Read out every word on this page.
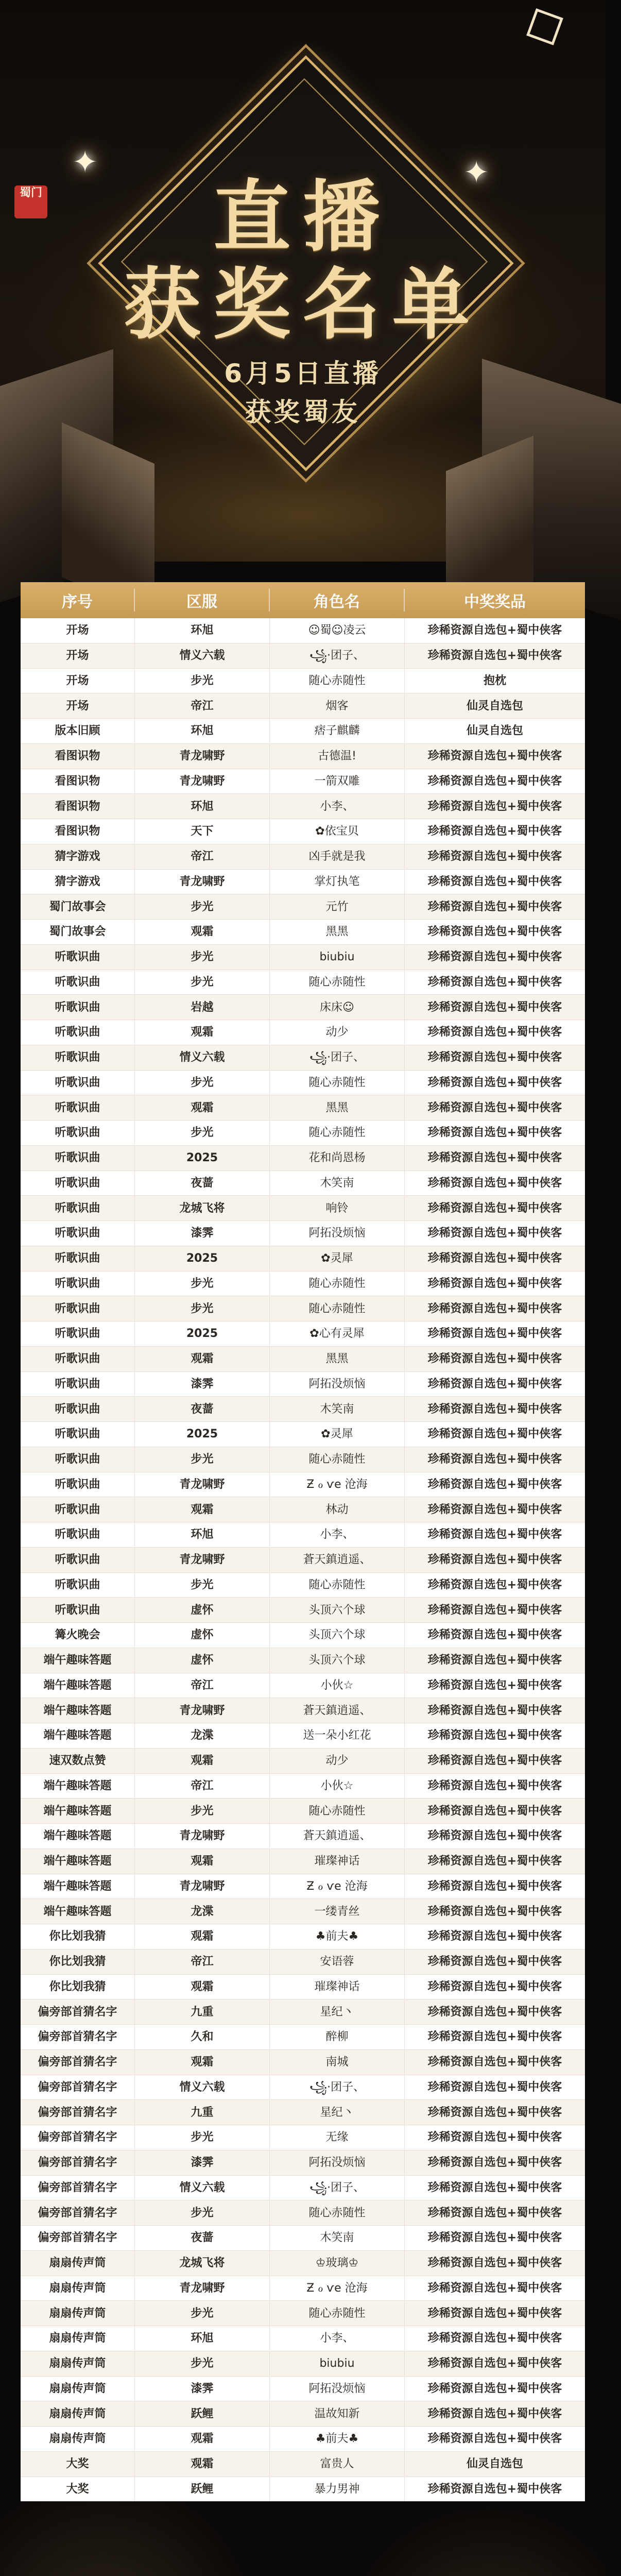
✦	✦
蜀门	直播
获奖名单
6月5日直播
获奖蜀友
序号	区服	角色名	中奖奖品
开场	环旭	☺蜀☺凌云	珍稀资源自选包+蜀中侠客
开场	情义六载	꧁·团子、	珍稀资源自选包+蜀中侠客
开场	步光	随心赤随性	抱枕
开场	帝江	烟客	仙灵自选包
版本旧顾	环旭	痞子麒麟	仙灵自选包
看图识物	青龙啸野	古德温!	珍稀资源自选包+蜀中侠客
看图识物	青龙啸野	一箭双雕	珍稀资源自选包+蜀中侠客
看图识物	环旭	小李、	珍稀资源自选包+蜀中侠客
看图识物	天下	✿依宝贝	珍稀资源自选包+蜀中侠客
猜字游戏	帝江	凶手就是我	珍稀资源自选包+蜀中侠客
猜字游戏	青龙啸野	掌灯执笔	珍稀资源自选包+蜀中侠客
蜀门故事会	步光	元竹	珍稀资源自选包+蜀中侠客
蜀门故事会	观霜	黑黑	珍稀资源自选包+蜀中侠客
听歌识曲	步光	biubiu	珍稀资源自选包+蜀中侠客
听歌识曲	步光	随心赤随性	珍稀资源自选包+蜀中侠客
听歌识曲	岩越	床床☺	珍稀资源自选包+蜀中侠客
听歌识曲	观霜	动少	珍稀资源自选包+蜀中侠客
听歌识曲	情义六载	꧁·团子、	珍稀资源自选包+蜀中侠客
听歌识曲	步光	随心赤随性	珍稀资源自选包+蜀中侠客
听歌识曲	观霜	黑黑	珍稀资源自选包+蜀中侠客
听歌识曲	步光	随心赤随性	珍稀资源自选包+蜀中侠客
听歌识曲	2025	花和尚恩杨	珍稀资源自选包+蜀中侠客
听歌识曲	夜蔷	木笑南	珍稀资源自选包+蜀中侠客
听歌识曲	龙城飞将	响铃	珍稀资源自选包+蜀中侠客
听歌识曲	漆霁	阿拓没烦恼	珍稀资源自选包+蜀中侠客
听歌识曲	2025	✿灵犀	珍稀资源自选包+蜀中侠客
听歌识曲	步光	随心赤随性	珍稀资源自选包+蜀中侠客
听歌识曲	步光	随心赤随性	珍稀资源自选包+蜀中侠客
听歌识曲	2025	✿心有灵犀	珍稀资源自选包+蜀中侠客
听歌识曲	观霜	黑黑	珍稀资源自选包+蜀中侠客
听歌识曲	漆霁	阿拓没烦恼	珍稀资源自选包+蜀中侠客
听歌识曲	夜蔷	木笑南	珍稀资源自选包+蜀中侠客
听歌识曲	2025	✿灵犀	珍稀资源自选包+蜀中侠客
听歌识曲	步光	随心赤随性	珍稀资源自选包+蜀中侠客
听歌识曲	青龙啸野	Ƶ ℴ ѵe 沧海	珍稀资源自选包+蜀中侠客
听歌识曲	观霜	林动	珍稀资源自选包+蜀中侠客
听歌识曲	环旭	小李、	珍稀资源自选包+蜀中侠客
听歌识曲	青龙啸野	蒼天鎮逍遥、	珍稀资源自选包+蜀中侠客
听歌识曲	步光	随心赤随性	珍稀资源自选包+蜀中侠客
听歌识曲	虚怀	头顶六个球	珍稀资源自选包+蜀中侠客
篝火晚会	虚怀	头顶六个球	珍稀资源自选包+蜀中侠客
端午趣味答题	虚怀	头顶六个球	珍稀资源自选包+蜀中侠客
端午趣味答题	帝江	小伙☆	珍稀资源自选包+蜀中侠客
端午趣味答题	青龙啸野	蒼天鎮逍遥、	珍稀资源自选包+蜀中侠客
端午趣味答题	龙渫	送一朵小红花	珍稀资源自选包+蜀中侠客
速双数点赞	观霜	动少	珍稀资源自选包+蜀中侠客
端午趣味答题	帝江	小伙☆	珍稀资源自选包+蜀中侠客
端午趣味答题	步光	随心赤随性	珍稀资源自选包+蜀中侠客
端午趣味答题	青龙啸野	蒼天鎮逍遥、	珍稀资源自选包+蜀中侠客
端午趣味答题	观霜	璀璨神话	珍稀资源自选包+蜀中侠客
端午趣味答题	青龙啸野	Ƶ ℴ ѵe 沧海	珍稀资源自选包+蜀中侠客
端午趣味答题	龙渫	一缕青丝	珍稀资源自选包+蜀中侠客
你比划我猜	观霜	♣前夫♣	珍稀资源自选包+蜀中侠客
你比划我猜	帝江	安语蓉	珍稀资源自选包+蜀中侠客
你比划我猜	观霜	璀璨神话	珍稀资源自选包+蜀中侠客
偏旁部首猜名字	九重	星纪丶	珍稀资源自选包+蜀中侠客
偏旁部首猜名字	久和	醉柳	珍稀资源自选包+蜀中侠客
偏旁部首猜名字	观霜	南城	珍稀资源自选包+蜀中侠客
偏旁部首猜名字	情义六载	꧁·团子、	珍稀资源自选包+蜀中侠客
偏旁部首猜名字	九重	星纪丶	珍稀资源自选包+蜀中侠客
偏旁部首猜名字	步光	无缘	珍稀资源自选包+蜀中侠客
偏旁部首猜名字	漆霁	阿拓没烦恼	珍稀资源自选包+蜀中侠客
偏旁部首猜名字	情义六载	꧁·团子、	珍稀资源自选包+蜀中侠客
偏旁部首猜名字	步光	随心赤随性	珍稀资源自选包+蜀中侠客
偏旁部首猜名字	夜蔷	木笑南	珍稀资源自选包+蜀中侠客
扇扇传声筒	龙城飞将	♔玻璃♔	珍稀资源自选包+蜀中侠客
扇扇传声筒	青龙啸野	Ƶ ℴ ѵe 沧海	珍稀资源自选包+蜀中侠客
扇扇传声筒	步光	随心赤随性	珍稀资源自选包+蜀中侠客
扇扇传声筒	环旭	小李、	珍稀资源自选包+蜀中侠客
扇扇传声筒	步光	biubiu	珍稀资源自选包+蜀中侠客
扇扇传声筒	漆霁	阿拓没烦恼	珍稀资源自选包+蜀中侠客
扇扇传声筒	跃鲤	温故知新	珍稀资源自选包+蜀中侠客
扇扇传声筒	观霜	♣前夫♣	珍稀资源自选包+蜀中侠客
大奖	观霜	富贵人	仙灵自选包
大奖	跃鲤	暴力男神	珍稀资源自选包+蜀中侠客
